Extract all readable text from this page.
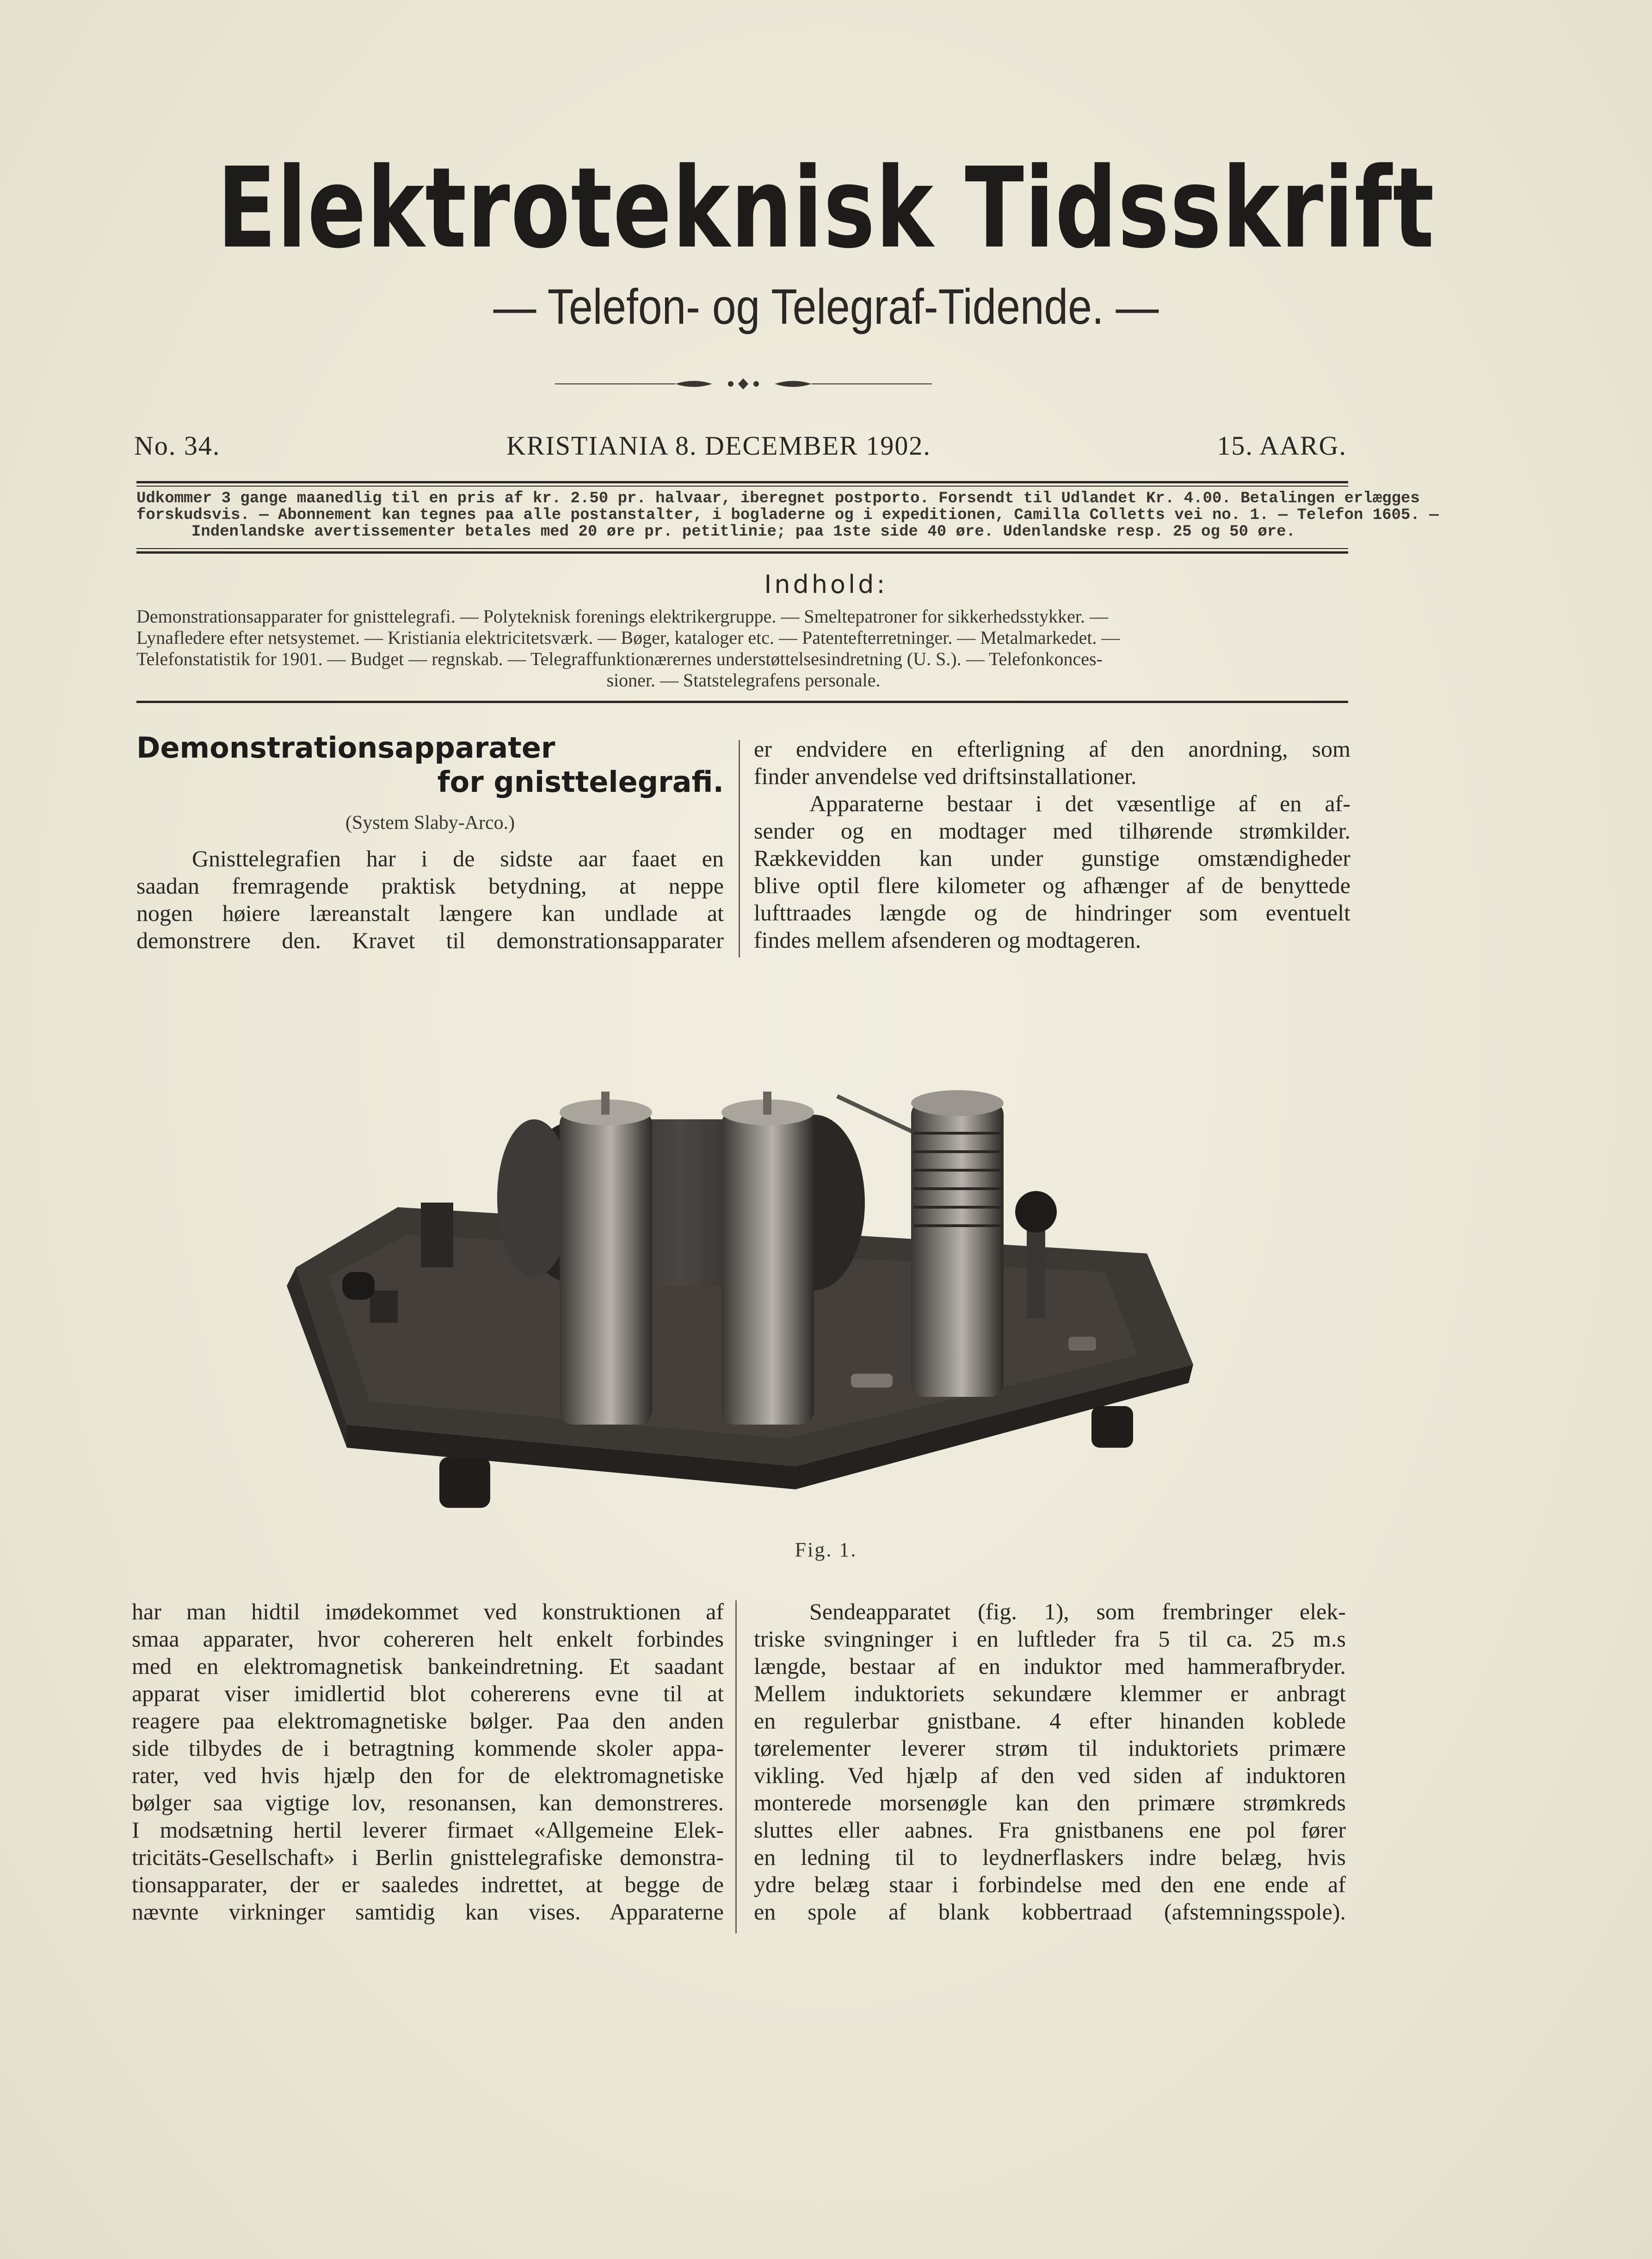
Elektroteknisk Tidsskrift
— Telefon- og Telegraf-Tidende. —
No. 34.	KRISTIANIA 8. DECEMBER 1902.	15. AARG.
Udkommer 3 gange maanedlig til en pris af kr. 2.50 pr. halvaar, iberegnet postporto. Forsendt til Udlandet Kr. 4.00. Betalingen erlægges
forskudsvis. — Abonnement kan tegnes paa alle postanstalter, i bogladerne og i expeditionen, Camilla Colletts vei no. 1. — Telefon 1605. —
Indenlandske avertissementer betales med 20 øre pr. petitlinie; paa 1ste side 40 øre. Udenlandske resp. 25 og 50 øre.
Indhold:
Demonstrationsapparater for gnisttelegrafi. — Polyteknisk forenings elektrikergruppe. — Smeltepatroner for sikkerhedsstykker. —
Lynafledere efter netsystemet. — Kristiania elektricitetsværk. — Bøger, kataloger etc. — Patentefterretninger. — Metalmarkedet. —
Telefonstatistik for 1901. — Budget — regnskab. — Telegraffunktionærernes understøttelsesindretning (U. S.). — Telefonkonces-
sioner. — Statstelegrafens personale.
Demonstrationsapparater
for gnisttelegrafi.
(System Slaby-Arco.)
Gnisttelegrafien har i de sidste aar faaet en
saadan fremragende praktisk betydning, at neppe
nogen høiere læreanstalt længere kan undlade at
demonstrere den. Kravet til demonstrationsapparater
er endvidere en efterligning af den anordning, som
finder anvendelse ved driftsinstallationer.
Apparaterne bestaar i det væsentlige af en af-
sender og en modtager med tilhørende strømkilder.
Rækkevidden kan under gunstige omstændigheder
blive optil flere kilometer og afhænger af de benyttede
lufttraades længde og de hindringer som eventuelt
findes mellem afsenderen og modtageren.
Fig. 1.
har man hidtil imødekommet ved konstruktionen af
smaa apparater, hvor cohereren helt enkelt forbindes
med en elektromagnetisk bankeindretning. Et saadant
apparat viser imidlertid blot cohererens evne til at
reagere paa elektromagnetiske bølger. Paa den anden
side tilbydes de i betragtning kommende skoler appa-
rater, ved hvis hjælp den for de elektromagnetiske
bølger saa vigtige lov, resonansen, kan demonstreres.
I modsætning hertil leverer firmaet «Allgemeine Elek-
tricitäts-Gesellschaft» i Berlin gnisttelegrafiske demonstra-
tionsapparater, der er saaledes indrettet, at begge de
nævnte virkninger samtidig kan vises. Apparaterne
Sendeapparatet (fig. 1), som frembringer elek-
triske svingninger i en luftleder fra 5 til ca. 25 m.s
længde, bestaar af en induktor med hammerafbryder.
Mellem induktoriets sekundære klemmer er anbragt
en regulerbar gnistbane. 4 efter hinanden koblede
tørelementer leverer strøm til induktoriets primære
vikling. Ved hjælp af den ved siden af induktoren
monterede morsenøgle kan den primære strømkreds
sluttes eller aabnes. Fra gnistbanens ene pol fører
en ledning til to leydnerflaskers indre belæg, hvis
ydre belæg staar i forbindelse med den ene ende af
en spole af blank kobbertraad (afstemningsspole).
